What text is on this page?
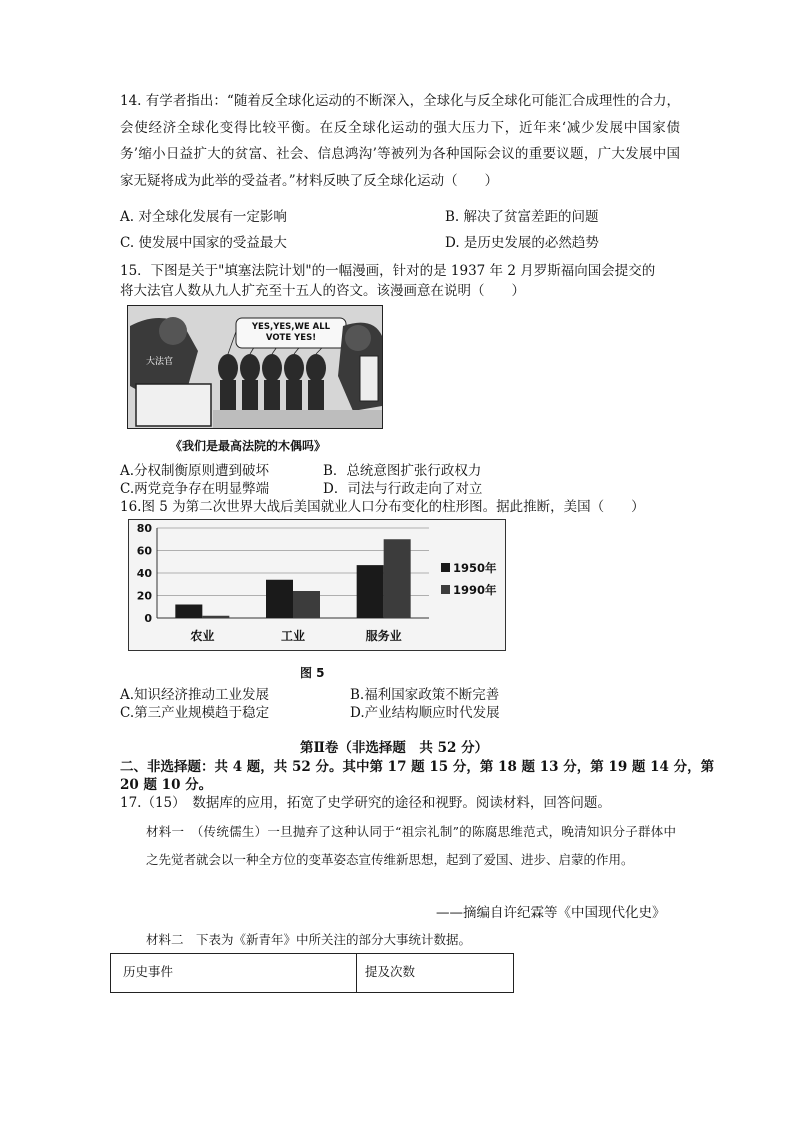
14. 有学者指出：“随着反全球化运动的不断深入，全球化与反全球化可能汇合成理性的合力，会使经济全球化变得比较平衡。在反全球化运动的强大压力下，近年来‘减少发展中国家债务’缩小日益扩大的贫富、社会、信息鸿沟’等被列为各种国际会议的重要议题，广大发展中国家无疑将成为此举的受益者。”材料反映了反全球化运动（　　）
A. 对全球化发展有一定影响	B. 解决了贫富差距的问题
C. 使发展中国家的受益最大	D. 是历史发展的必然趋势
15．下图是关于"填塞法院计划"的一幅漫画，针对的是 1937 年 2 月罗斯福向国会提交的
将大法官人数从九人扩充至十五人的咨文。该漫画意在说明（　　）
YES,YES,WE ALL VOTE YES!
大法官
《我们是最高法院的木偶吗》
A.分权制衡原则遭到破坏	B．总统意图扩张行政权力
C.两党竞争存在明显弊端	D．司法与行政走向了对立
16.图 5 为第二次世界大战后美国就业人口分布变化的柱形图。据此推断，美国（　　）
80
60
40
20
0
农业	工业	服务业
1950年
1990年
图 5
A.知识经济推动工业发展	B.福利国家政策不断完善
C.第三产业规模趋于稳定	D.产业结构顺应时代发展
第Ⅱ卷（非选择题　共 52 分）
二、非选择题：共 4 题，共 52 分。其中第 17 题 15 分，第 18 题 13 分，第 19 题 14 分，第
20 题 10 分。
17.（15）　数据库的应用，拓宽了史学研究的途径和视野。阅读材料，回答问题。
材料一　（传统儒生）一旦抛弃了这种认同于“祖宗礼制”的陈腐思维范式，晚清知识分子群体中之先觉者就会以一种全方位的变革姿态宣传维新思想，起到了爱国、进步、启蒙的作用。
——摘编自许纪霖等《中国现代化史》
材料二　下表为《新青年》中所关注的部分大事统计数据。
历史事件	提及次数
